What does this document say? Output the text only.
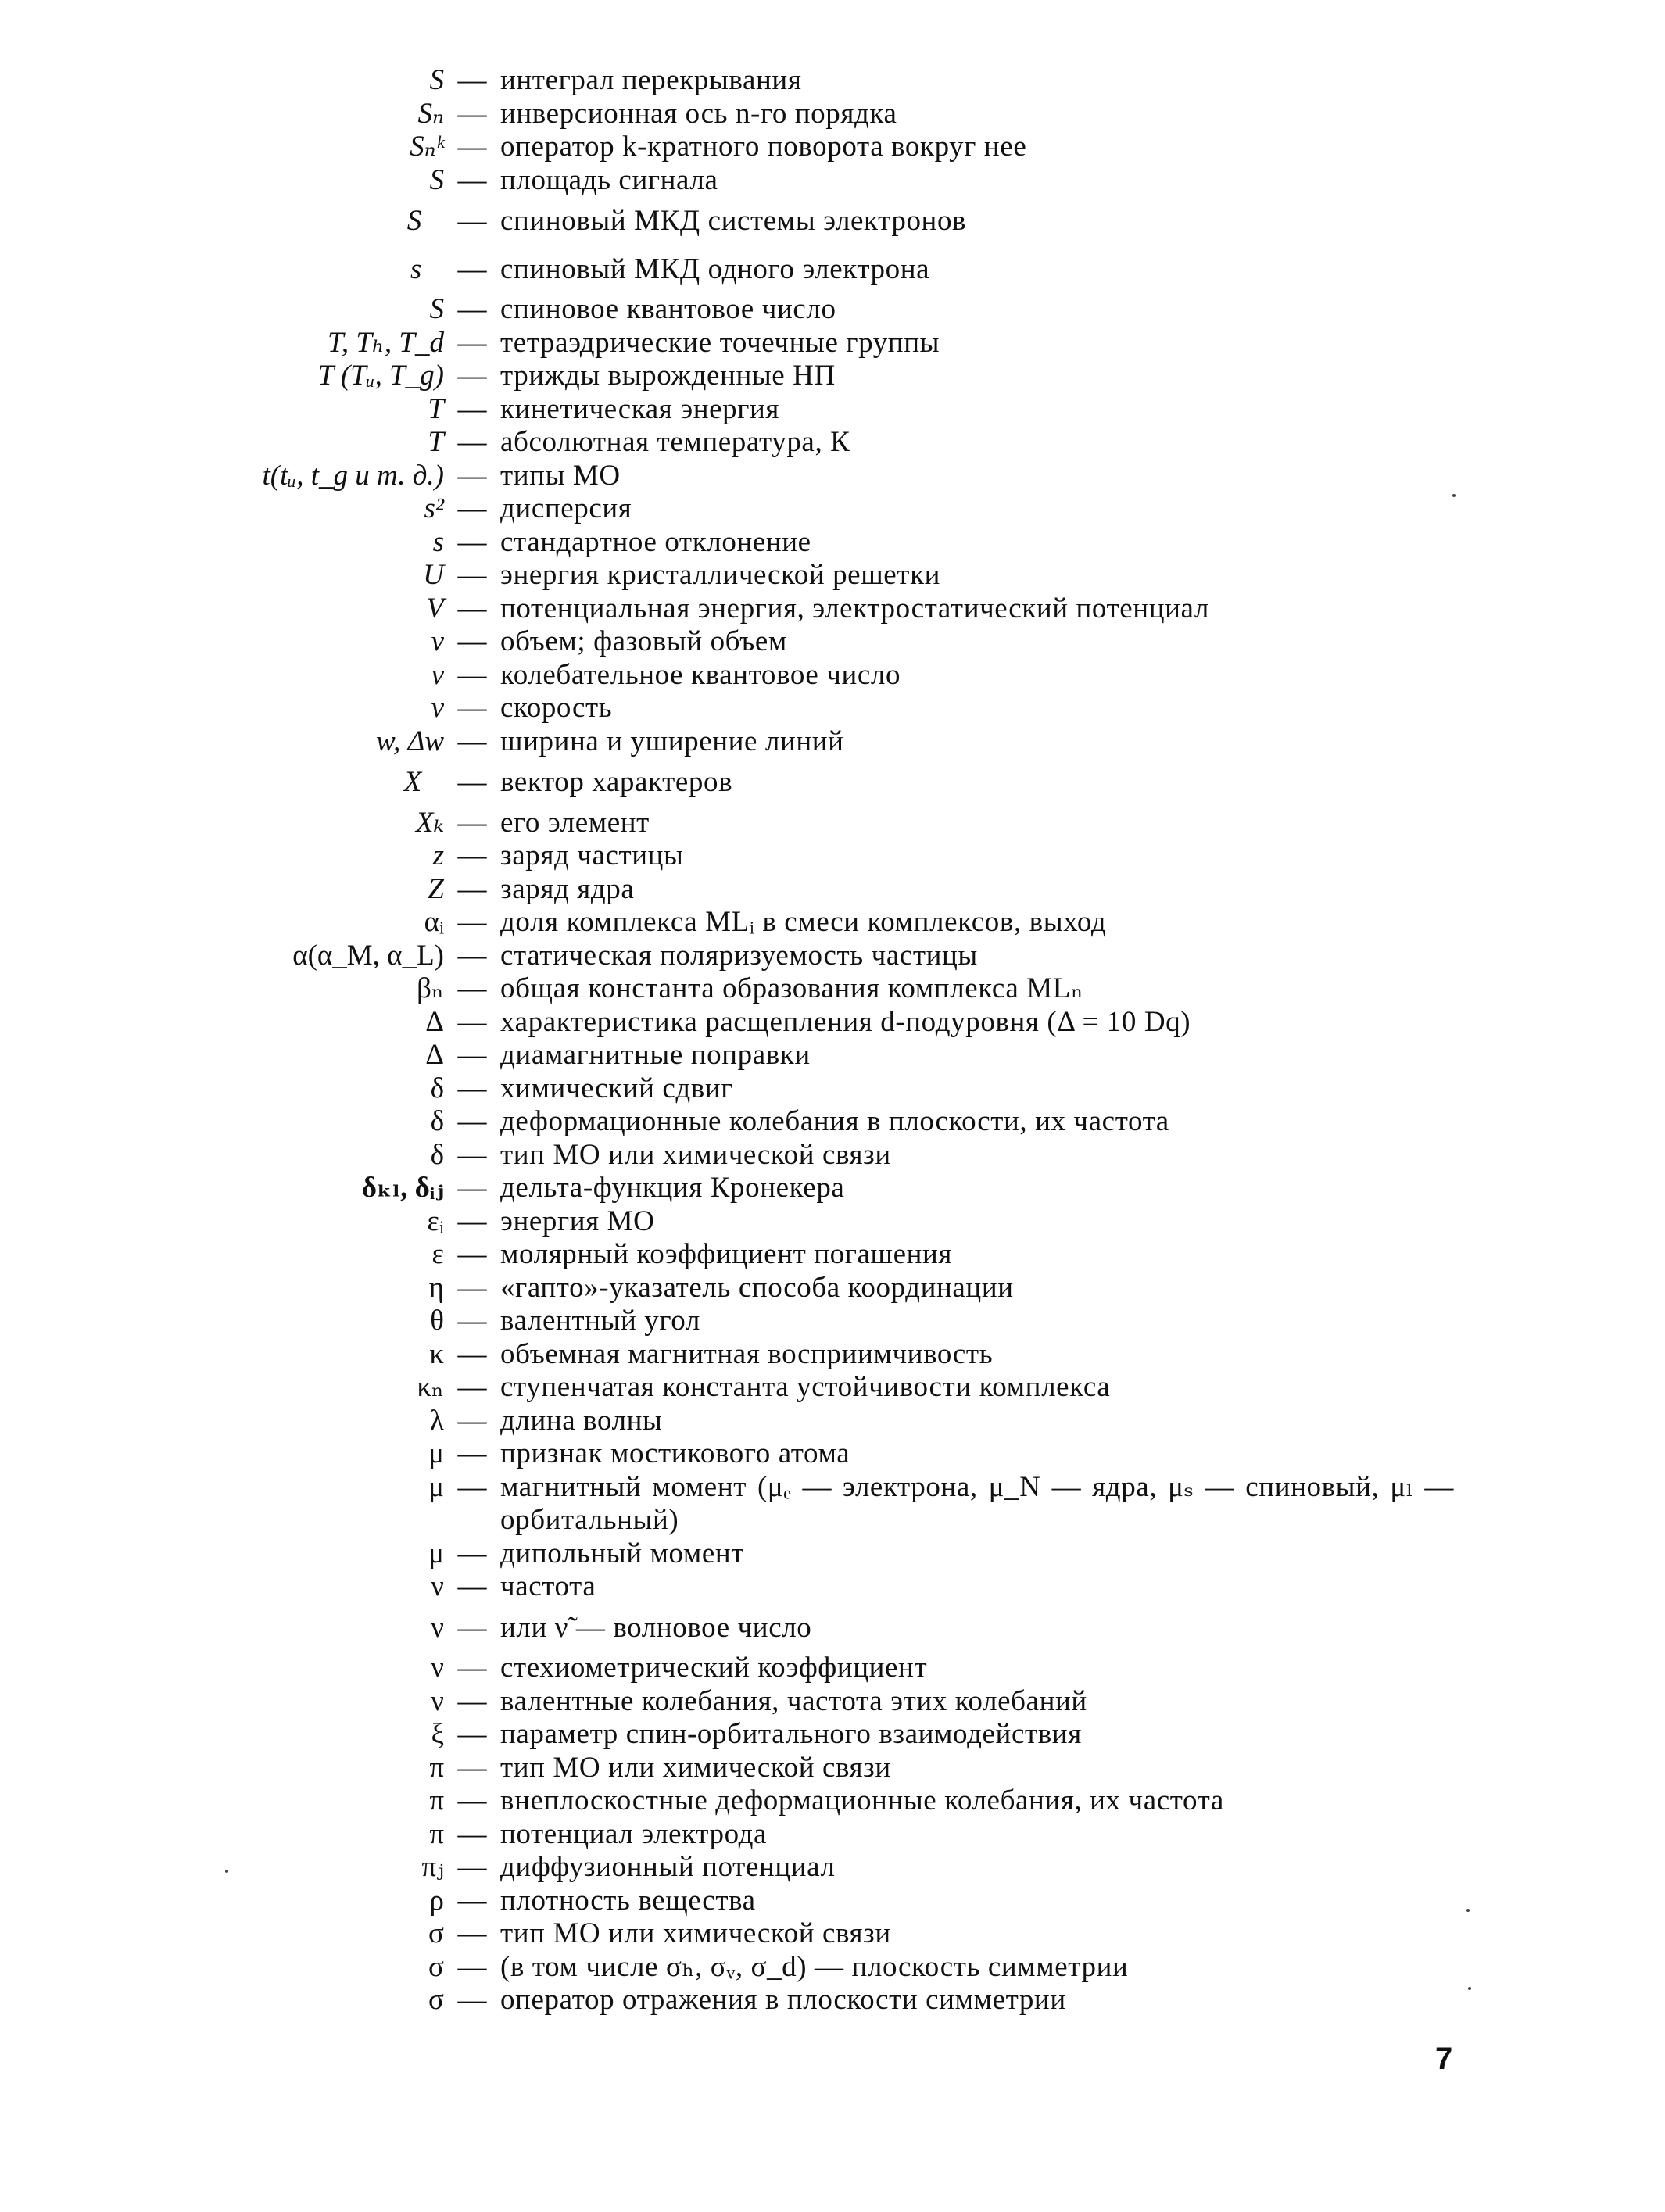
S — интеграл перекрывания
Sₙ — инверсионная ось n-го порядка
Sₙᵏ — оператор k-кратного поворота вокруг нее
S — площадь сигнала
S⃗ — спиновый МКД системы электронов
s⃗ — спиновый МКД одного электрона
S — спиновое квантовое число
T, Tₕ, T_d — тетраэдрические точечные группы
T (Tᵤ, T_g) — трижды вырожденные НП
T — кинетическая энергия
T — абсолютная температура, К
t(tᵤ, t_g и т. д.) — типы МО
s² — дисперсия
s — стандартное отклонение
U — энергия кристаллической решетки
V — потенциальная энергия, электростатический потенциал
v — объем; фазовый объем
v — колебательное квантовое число
v — скорость
w, Δw — ширина и уширение линий
X⃗ — вектор характеров
Xₖ — его элемент
z — заряд частицы
Z — заряд ядра
αᵢ — доля комплекса MLᵢ в смеси комплексов, выход
α(α_M, α_L) — статическая поляризуемость частицы
βₙ — общая константа образования комплекса MLₙ
Δ — характеристика расщепления d-подуровня (Δ = 10 Dq)
Δ — диамагнитные поправки
δ — химический сдвиг
δ — деформационные колебания в плоскости, их частота
δ — тип МО или химической связи
δₖₗ, δᵢⱼ — дельта-функция Кронекера
εᵢ — энергия МО
ε — молярный коэффициент погашения
η — «гапто»-указатель способа координации
θ — валентный угол
κ — объемная магнитная восприимчивость
κₙ — ступенчатая константа устойчивости комплекса
λ — длина волны
μ — признак мостикового атома
μ — магнитный момент (μₑ — электрона, μ_N — ядра, μₛ — спиновый, μₗ — орбитальный)
μ — дипольный момент
ν — частота
ν — или ν̃ — волновое число
ν — стехиометрический коэффициент
ν — валентные колебания, частота этих колебаний
ξ — параметр спин-орбитального взаимодействия
π — тип МО или химической связи
π — внеплоскостные деформационные колебания, их частота
π — потенциал электрода
πⱼ — диффузионный потенциал
ρ — плотность вещества
σ — тип МО или химической связи
σ — (в том числе σₕ, σᵥ, σ_d) — плоскость симметрии
σ — оператор отражения в плоскости симметрии
7
